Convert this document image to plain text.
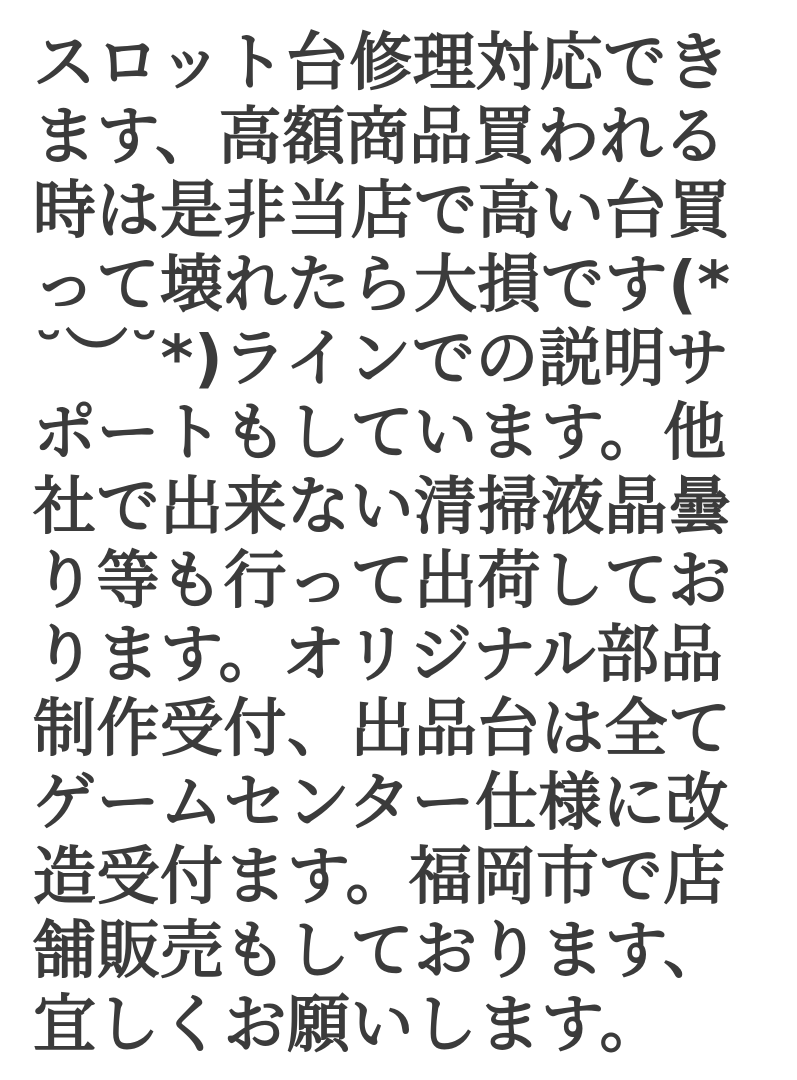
スロット台修理対応できます、高額商品買われる時は是非当店で高い台買って壊れたら大損です(*˘︶˘*)ラインでの説明サポートもしています。他社で出来ない清掃液晶曇り等も行って出荷しております。オリジナル部品制作受付、出品台は全てゲームセンター仕様に改造受付ます。福岡市で店舗販売もしております、宜しくお願いします。
